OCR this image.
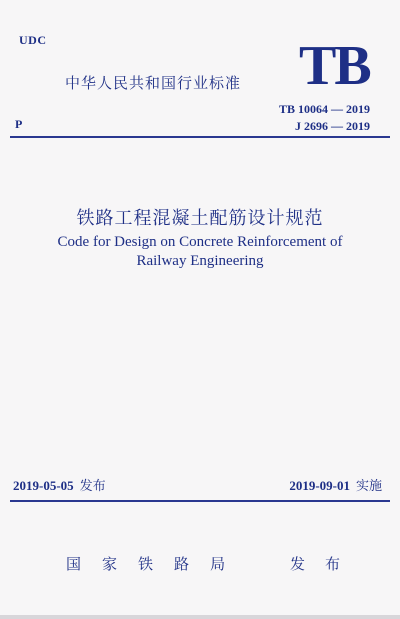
UDC	TB
中华人民共和国行业标准
P
TB 10064 — 2019
J 2696 — 2019
铁路工程混凝土配筋设计规范
Code for Design on Concrete Reinforcement of
Railway Engineering
2019-05-05 发布	2019-09-01 实施
国 家 铁 路 局	发 布
